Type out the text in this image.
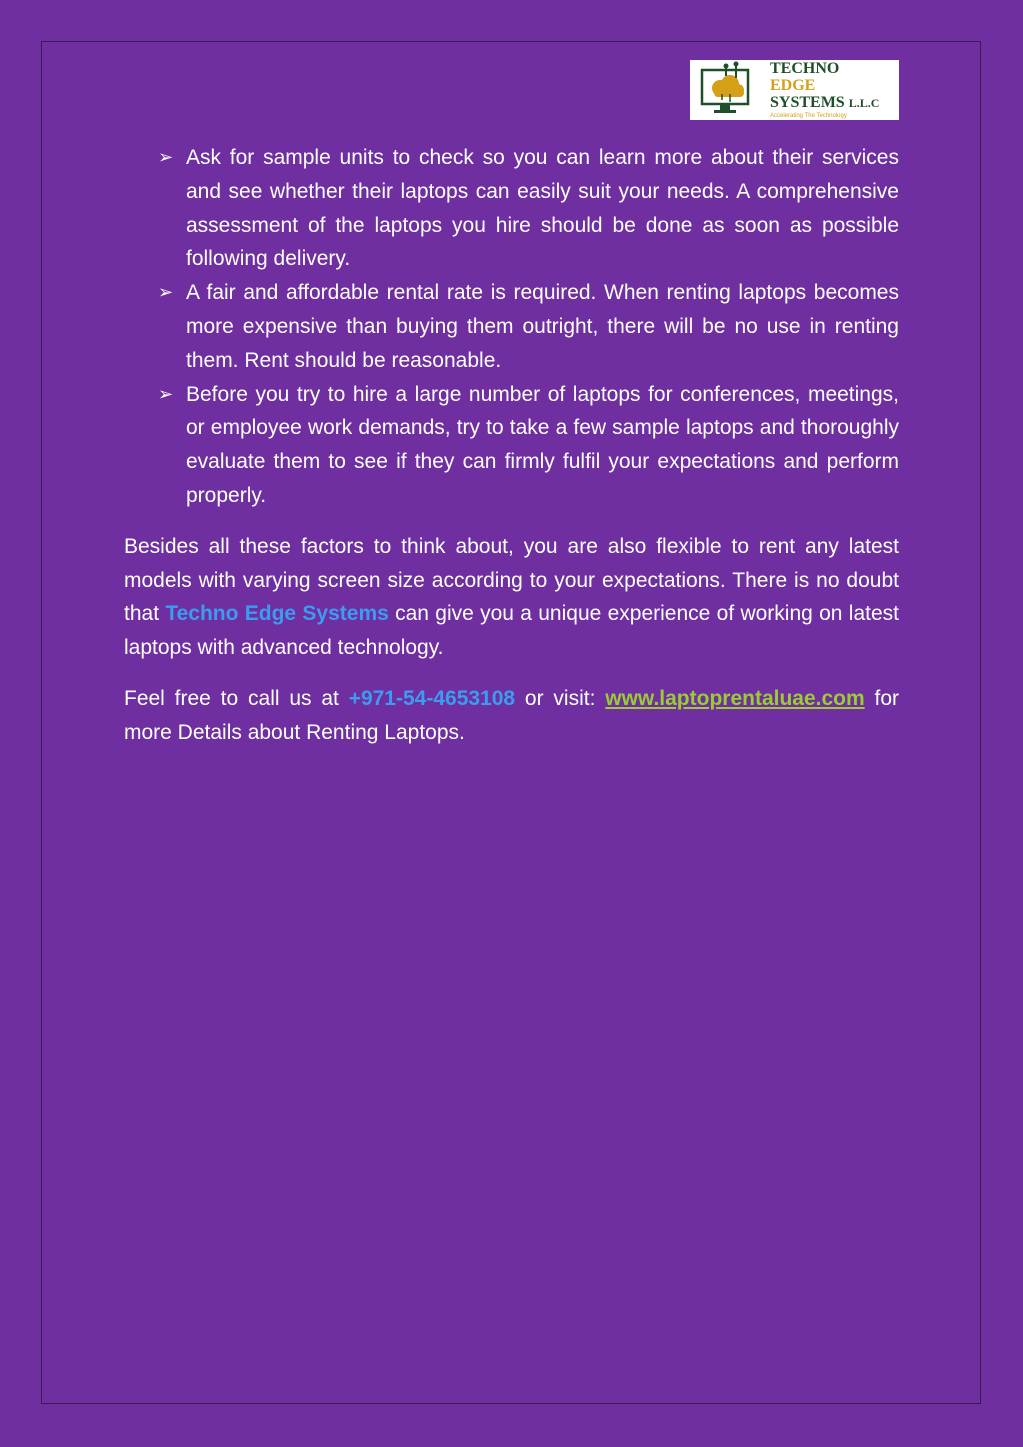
TECHNO
EDGE
SYSTEMS L.L.C
Accelerating The Technology
➢ Ask for sample units to check so you can learn more about their services and see whether their laptops can easily suit your needs. A comprehensive assessment of the laptops you hire should be done as soon as possible following delivery.
➢ A fair and affordable rental rate is required. When renting laptops becomes more expensive than buying them outright, there will be no use in renting them. Rent should be reasonable.
➢ Before you try to hire a large number of laptops for conferences, meetings, or employee work demands, try to take a few sample laptops and thoroughly evaluate them to see if they can firmly fulfil your expectations and perform properly.

Besides all these factors to think about, you are also flexible to rent any latest models with varying screen size according to your expectations. There is no doubt that Techno Edge Systems can give you a unique experience of working on latest laptops with advanced technology.

Feel free to call us at +971-54-4653108 or visit: www.laptoprentaluae.com for more Details about Renting Laptops.
